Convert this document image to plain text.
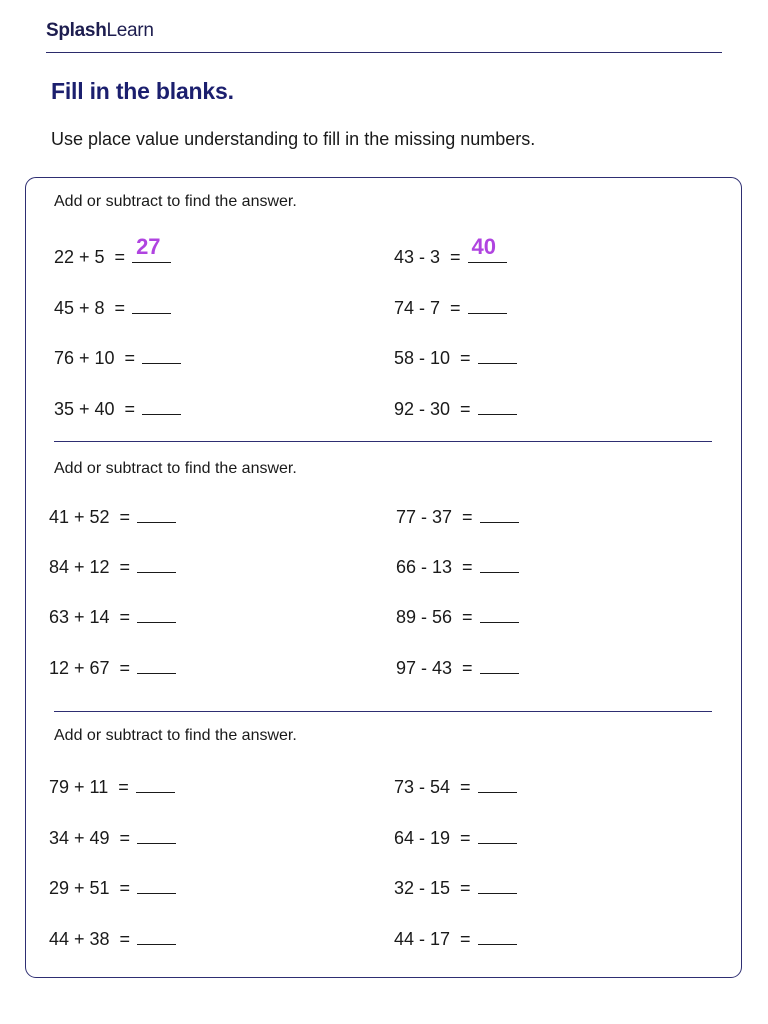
SplashLearn
Fill in the blanks.
Use place value understanding to fill in the missing numbers.
Add or subtract to find the answer.
22 + 5  = 27
45 + 8  =
76 + 10  =
35 + 40  =
43 - 3  = 40
74 - 7  =
58 - 10  =
92 - 30  =
Add or subtract to find the answer.
41 + 52  =
84 + 12  =
63 + 14  =
12 + 67  =
77 - 37  =
66 - 13  =
89 - 56  =
97 - 43  =
Add or subtract to find the answer.
79 + 11  =
34 + 49  =
29 + 51  =
44 + 38  =
73 - 54  =
64 - 19  =
32 - 15  =
44 - 17  =
